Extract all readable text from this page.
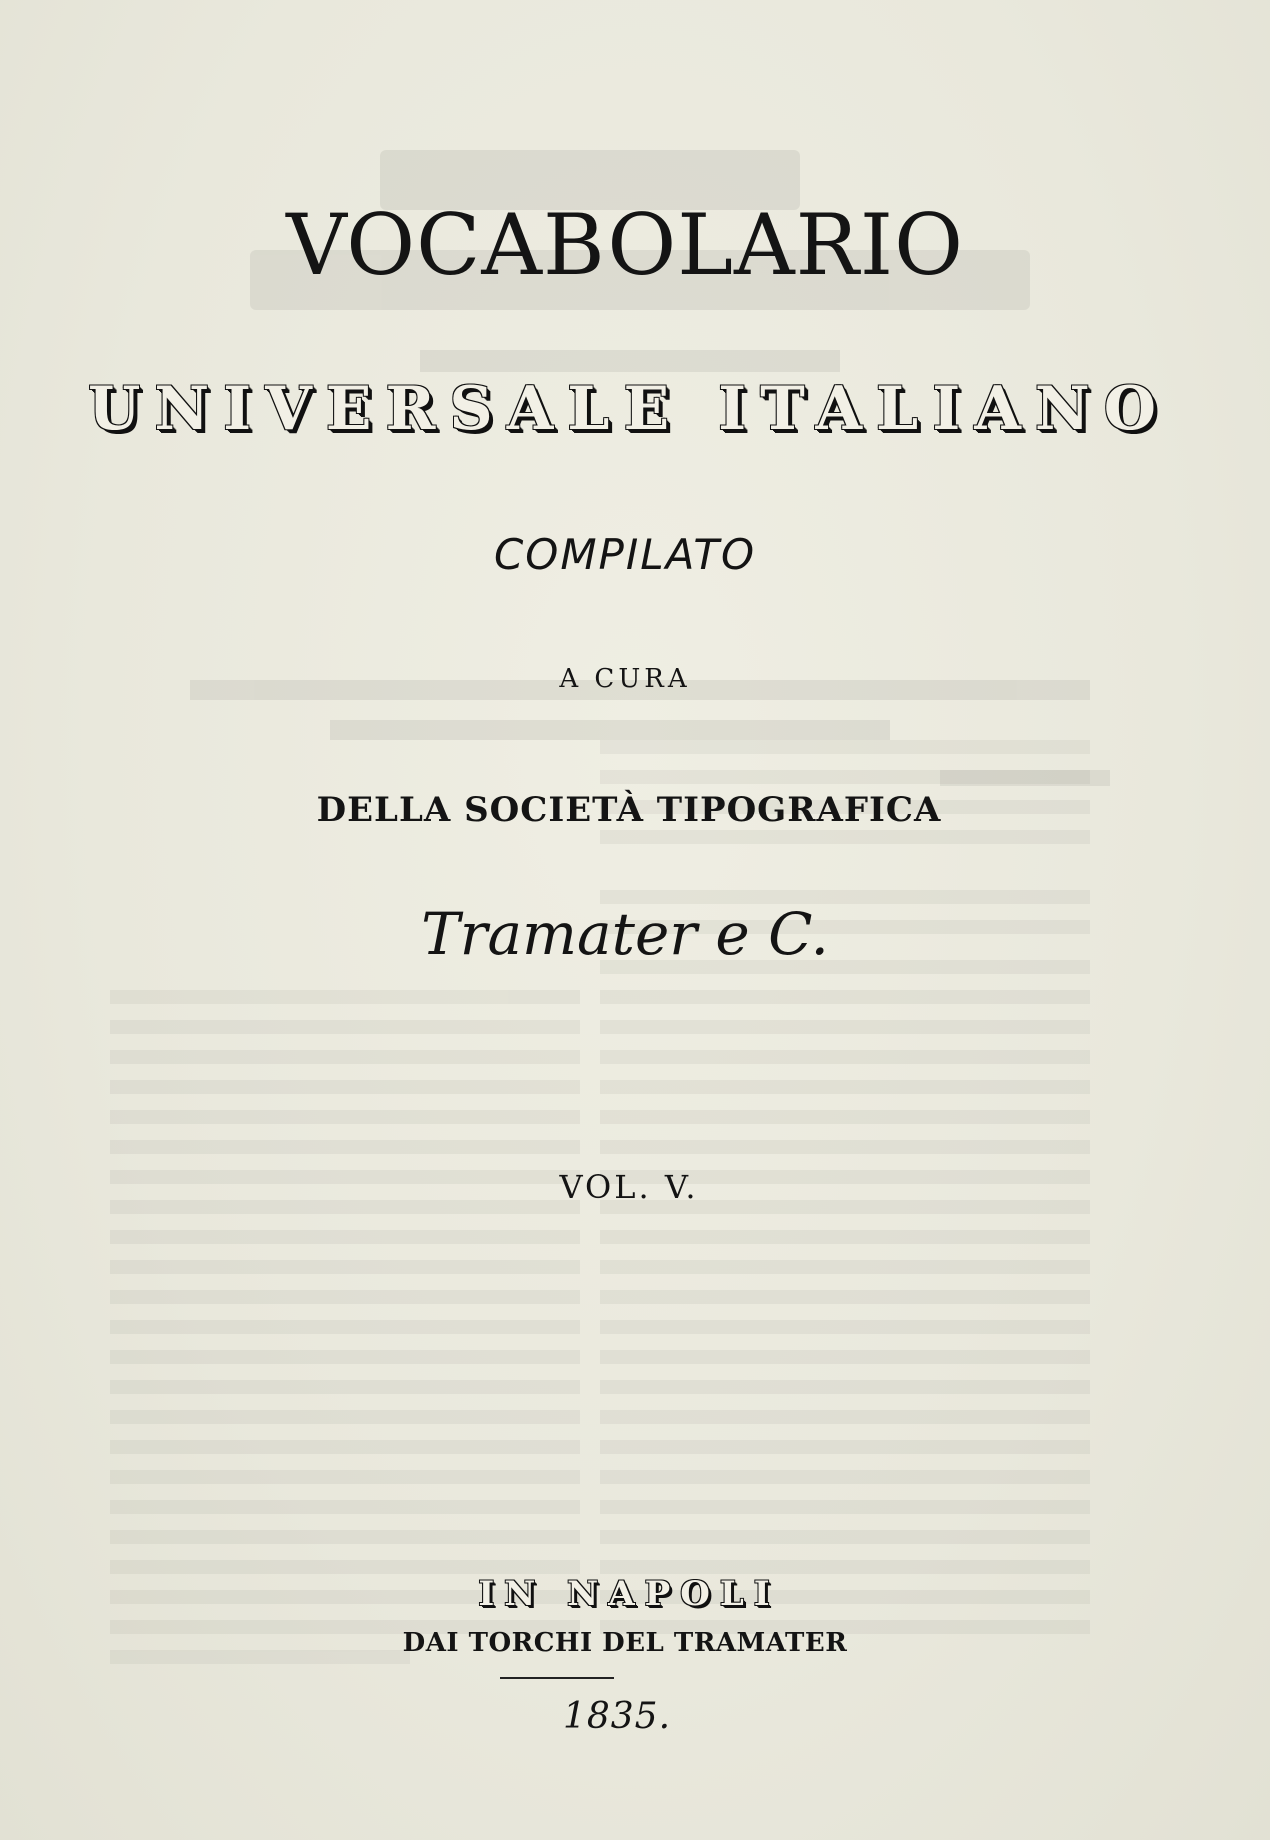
VOCABOLARIO
UNIVERSALE ITALIANO
COMPILATO
A CURA
DELLA SOCIETÀ TIPOGRAFICA
Tramater e C.
VOL. V.
IN NAPOLI
DAI TORCHI DEL TRAMATER
1835.
